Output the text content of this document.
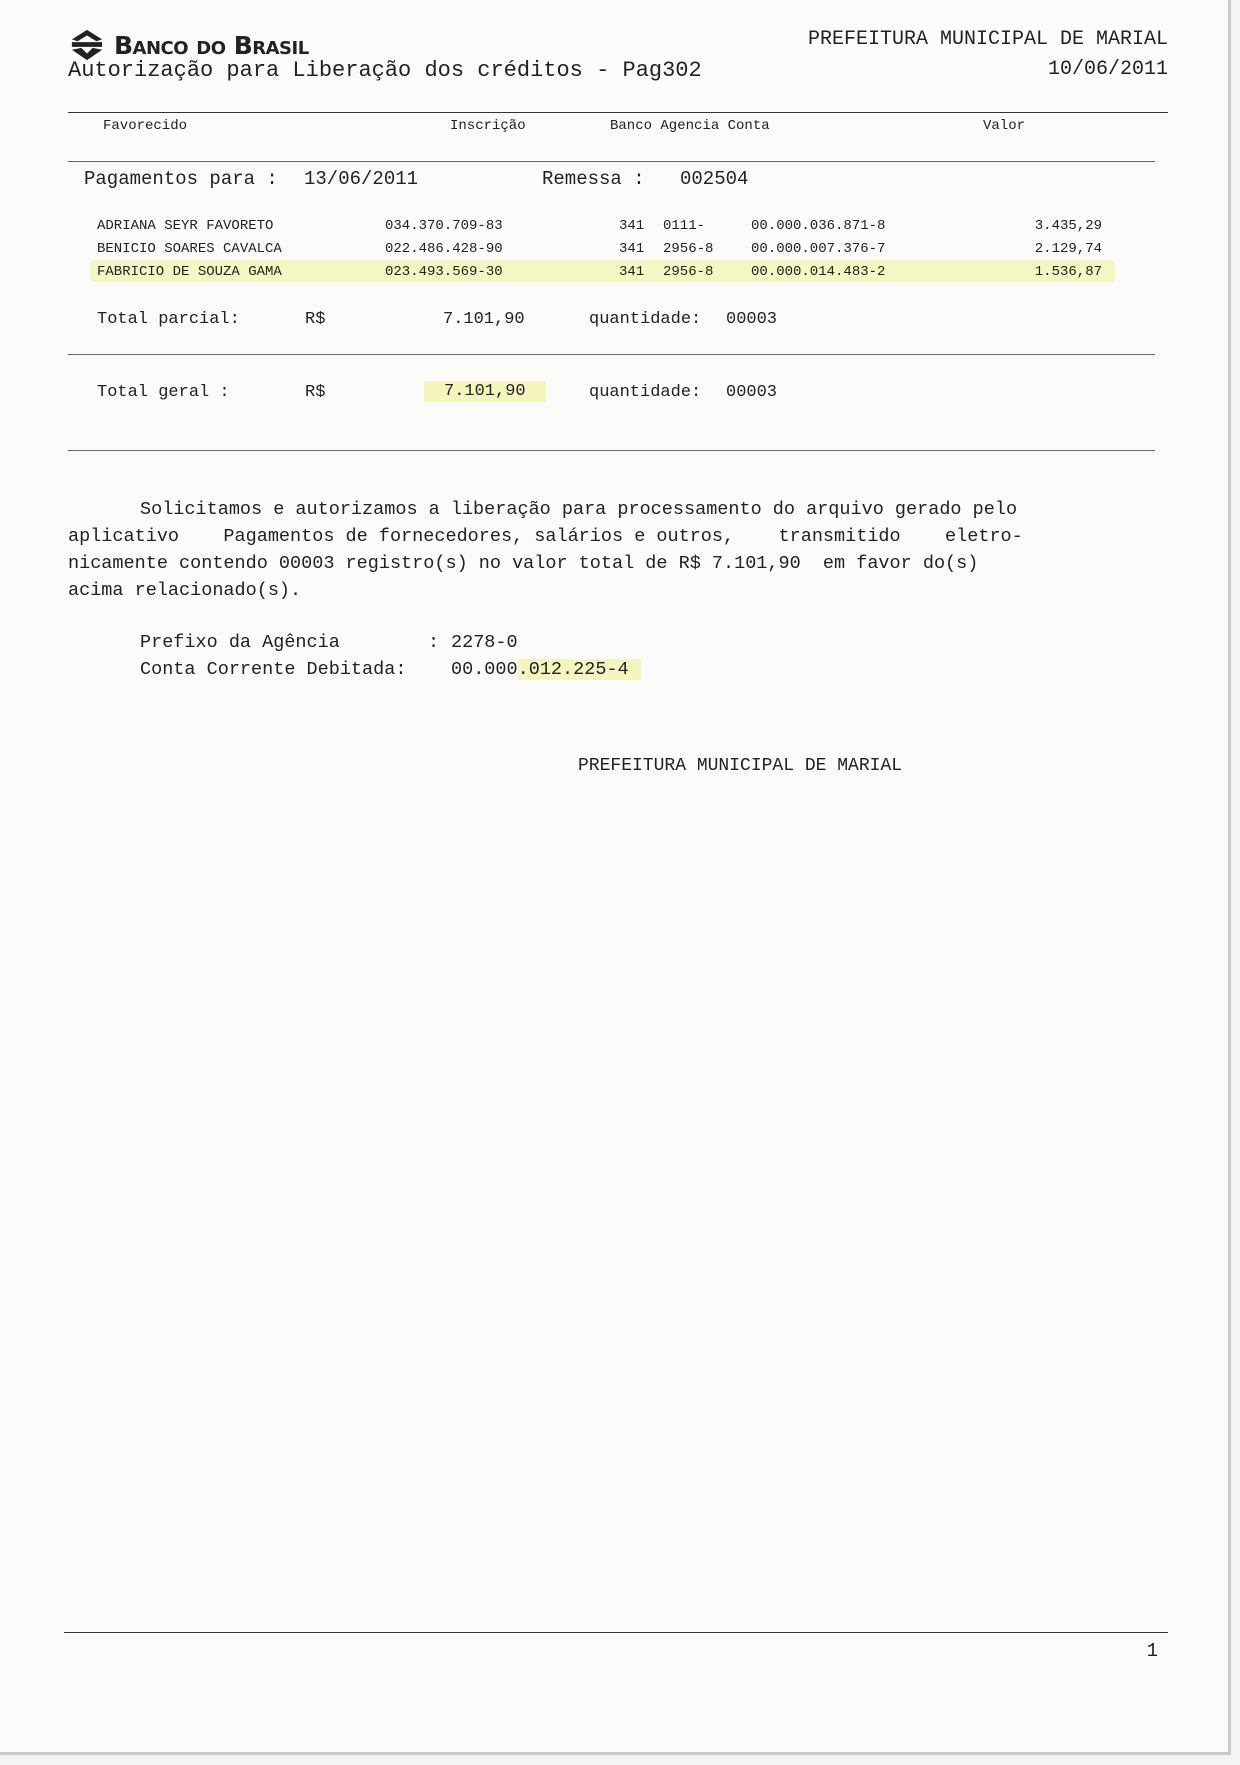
Banco do Brasil
Autorização para Liberação dos créditos - Pag302
PREFEITURA MUNICIPAL DE MARIAL
10/06/2011
Favorecido	Inscrição	Banco Agencia Conta	Valor
Pagamentos para : 13/06/2011	Remessa : 002504
ADRIANA SEYR FAVORETO	034.370.709-83	341 0111-	00.000.036.871-8	3.435,29
BENICIO SOARES CAVALCA	022.486.428-90	341 2956-8	00.000.007.376-7	2.129,74
FABRICIO DE SOUZA GAMA	023.493.569-30	341 2956-8	00.000.014.483-2	1.536,87
Total parcial:	R$	7.101,90	quantidade: 00003
Total geral :	R$	7.101,90	quantidade: 00003
Solicitamos e autorizamos a liberação para processamento do arquivo gerado pelo
aplicativo    Pagamentos de fornecedores, salários e outros,    transmitido    eletro-
nicamente contendo 00003 registro(s) no valor total de R$ 7.101,90  em favor do(s)
acima relacionado(s).
Prefixo da Agência	: 2278-0
Conta Corrente Debitada: 00.000.012.225-4
PREFEITURA MUNICIPAL DE MARIAL
1
